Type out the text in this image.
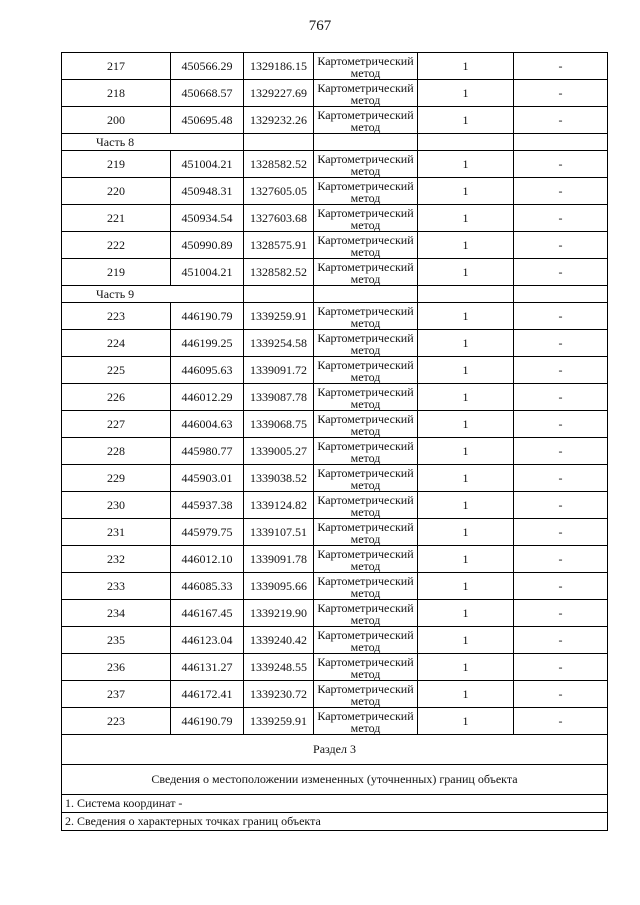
767
217	450566.29	1329186.15	Картометрический метод	1	-
218	450668.57	1329227.69	Картометрический метод	1	-
200	450695.48	1329232.26	Картометрический метод	1	-
Часть 8					
219	451004.21	1328582.52	Картометрический метод	1	-
220	450948.31	1327605.05	Картометрический метод	1	-
221	450934.54	1327603.68	Картометрический метод	1	-
222	450990.89	1328575.91	Картометрический метод	1	-
219	451004.21	1328582.52	Картометрический метод	1	-
Часть 9					
223	446190.79	1339259.91	Картометрический метод	1	-
224	446199.25	1339254.58	Картометрический метод	1	-
225	446095.63	1339091.72	Картометрический метод	1	-
226	446012.29	1339087.78	Картометрический метод	1	-
227	446004.63	1339068.75	Картометрический метод	1	-
228	445980.77	1339005.27	Картометрический метод	1	-
229	445903.01	1339038.52	Картометрический метод	1	-
230	445937.38	1339124.82	Картометрический метод	1	-
231	445979.75	1339107.51	Картометрический метод	1	-
232	446012.10	1339091.78	Картометрический метод	1	-
233	446085.33	1339095.66	Картометрический метод	1	-
234	446167.45	1339219.90	Картометрический метод	1	-
235	446123.04	1339240.42	Картометрический метод	1	-
236	446131.27	1339248.55	Картометрический метод	1	-
237	446172.41	1339230.72	Картометрический метод	1	-
223	446190.79	1339259.91	Картометрический метод	1	-
Раздел 3					
Сведения о местоположении измененных (уточненных) границ объекта					
1. Система координат -					
2. Сведения о характерных точках границ объекта					
